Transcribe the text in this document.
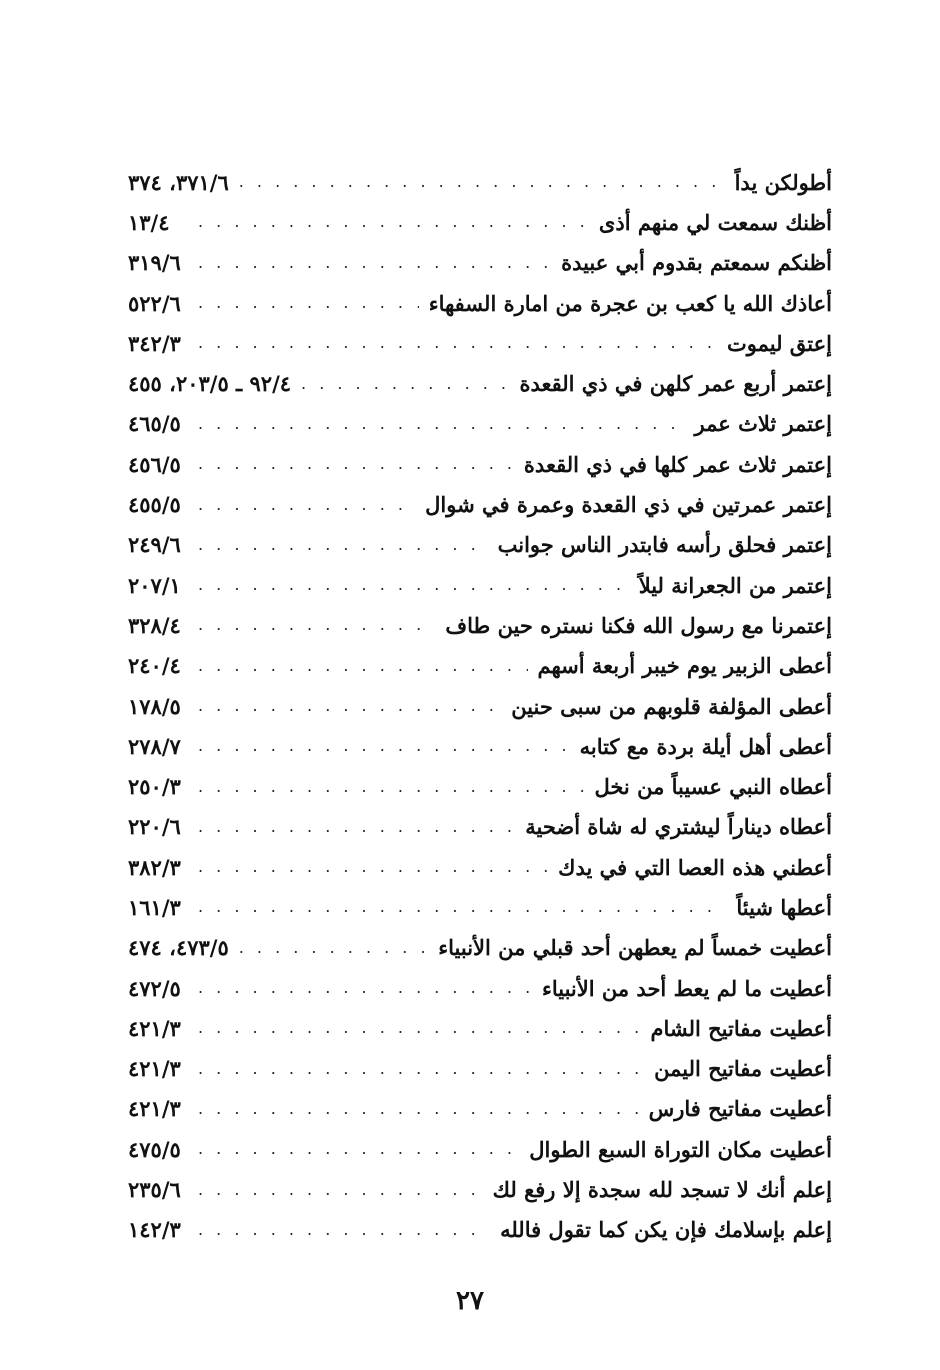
أطولكن يداً
. . .
٣٧١/٦، ٣٧٤
أظنك سمعت لي منهم أذى
. . .
١٣/٤
أظنكم سمعتم بقدوم أبي عبيدة
. . .
٣١٩/٦
أعاذك الله يا كعب بن عجرة من امارة السفهاء
. . .
٥٢٢/٦
إعتق ليموت
. . .
٣٤٢/٣
إعتمر أربع عمر كلهن في ذي القعدة
. . .
٩٢/٤ ـ ٢٠٣/٥، ٤٥٥
إعتمر ثلاث عمر
. . .
٤٦٥/٥
إعتمر ثلاث عمر كلها في ذي القعدة
. . .
٤٥٦/٥
إعتمر عمرتين في ذي القعدة وعمرة في شوال
. . .
٤٥٥/٥
إعتمر فحلق رأسه فابتدر الناس جوانب
. . .
٢٤٩/٦
إعتمر من الجعرانة ليلاً
. . .
٢٠٧/١
إعتمرنا مع رسول الله فكنا نستره حين طاف
. . .
٣٢٨/٤
أعطى الزبير يوم خيبر أربعة أسهم
. . .
٢٤٠/٤
أعطى المؤلفة قلوبهم من سبى حنين
. . .
١٧٨/٥
أعطى أهل أيلة بردة مع كتابه
. . .
٢٧٨/٧
أعطاه النبي عسيباً من نخل
. . .
٢٥٠/٣
أعطاه ديناراً ليشتري له شاة أضحية
. . .
٢٢٠/٦
أعطني هذه العصا التي في يدك
. . .
٣٨٢/٣
أعطها شيئاً
. . .
١٦١/٣
أعطيت خمساً لم يعطهن أحد قبلي من الأنبياء
. . .
٤٧٣/٥، ٤٧٤
أعطيت ما لم يعط أحد من الأنبياء
. . .
٤٧٢/٥
أعطيت مفاتيح الشام
. . .
٤٢١/٣
أعطيت مفاتيح اليمن
. . .
٤٢١/٣
أعطيت مفاتيح فارس
. . .
٤٢١/٣
أعطيت مكان التوراة السبع الطوال
. . .
٤٧٥/٥
إعلم أنك لا تسجد لله سجدة إلا رفع لك
. . .
٢٣٥/٦
إعلم بإسلامك فإن يكن كما تقول فالله
. . .
١٤٢/٣
٢٧
